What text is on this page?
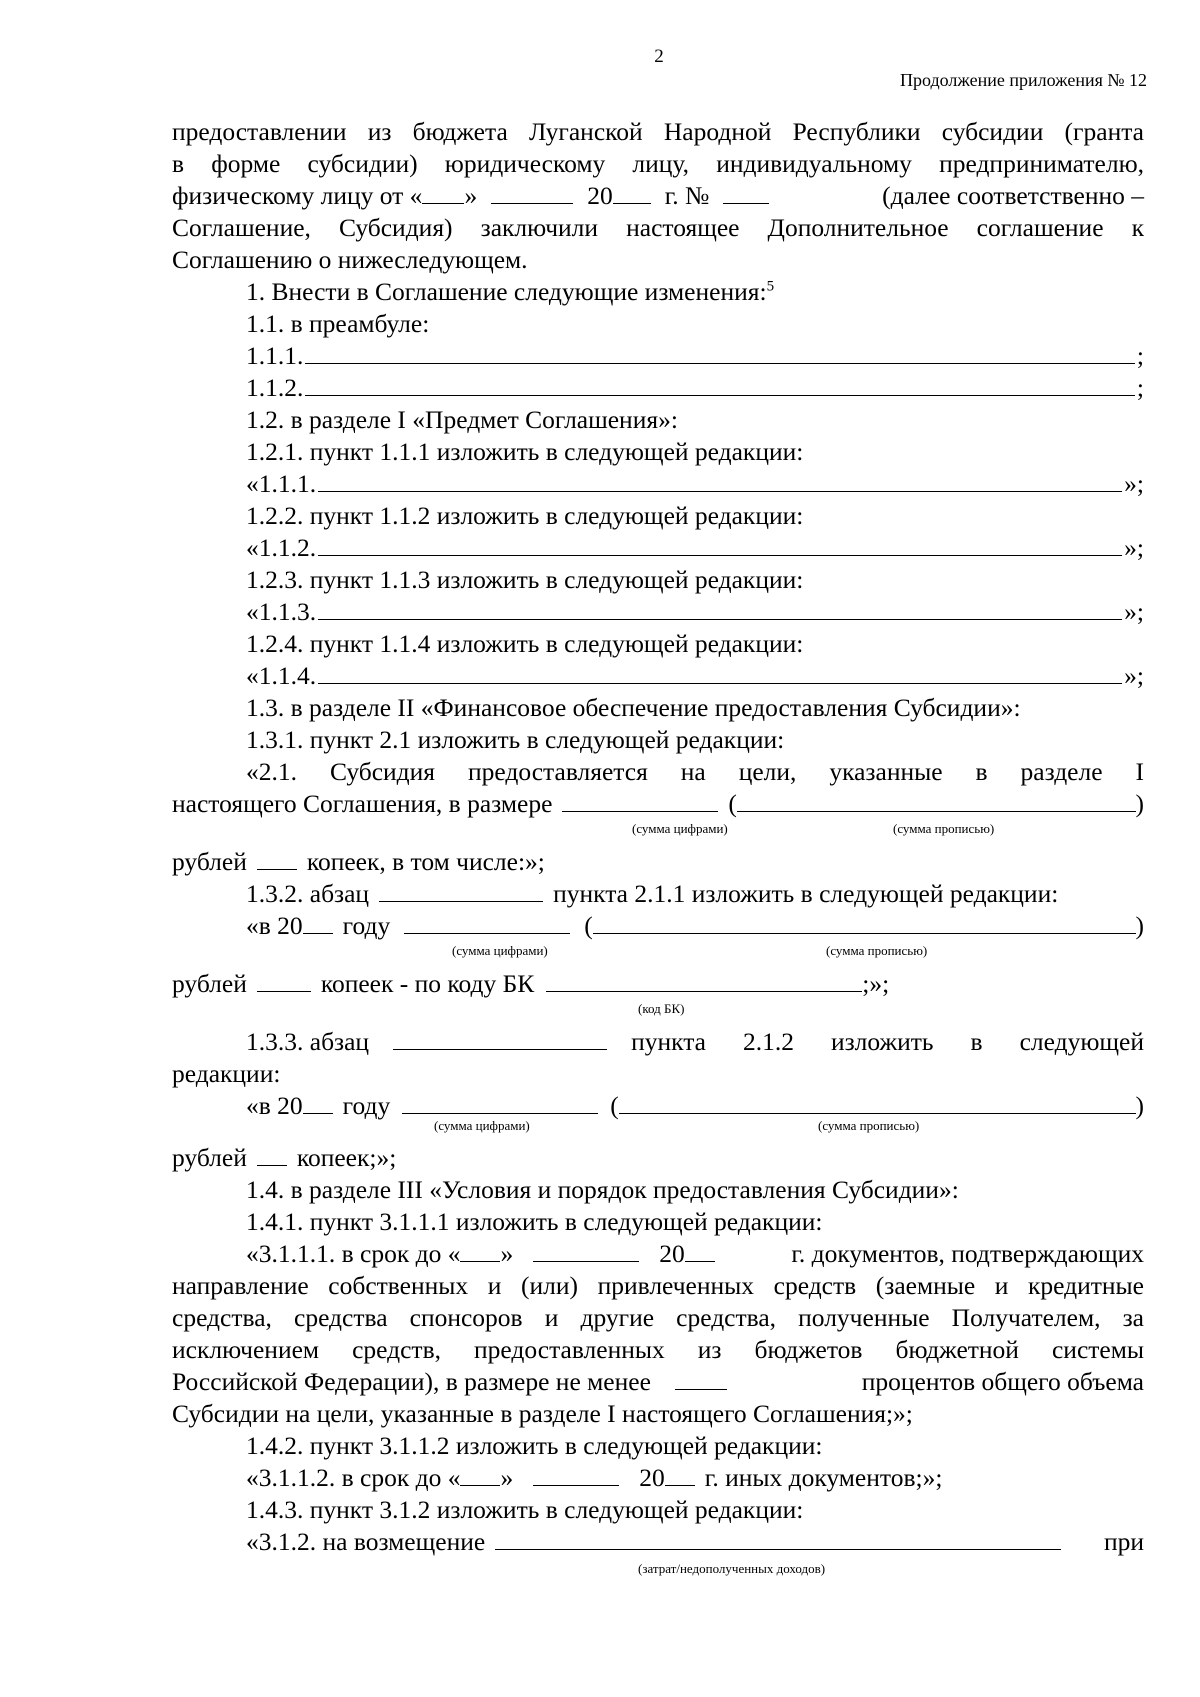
2
Продолжение приложения № 12
предоставлении из бюджета Луганской Народной Республики субсидии (гранта
в форме субсидии) юридическому лицу, индивидуальному предпринимателю,
физическому лицу от « »	20 г. №	(далее соответственно –
Соглашение, Субсидия) заключили настоящее Дополнительное соглашение к
Соглашению о нижеследующем.
1. Внести в Соглашение следующие изменения:$^5$
1.1. в преамбуле:
1.1.1.	;
1.1.2.	;
1.2. в разделе I «Предмет Соглашения»:
1.2.1. пункт 1.1.1 изложить в следующей редакции:
«1.1.1.	»;
1.2.2. пункт 1.1.2 изложить в следующей редакции:
«1.1.2.	»;
1.2.3. пункт 1.1.3 изложить в следующей редакции:
«1.1.3.	»;
1.2.4. пункт 1.1.4 изложить в следующей редакции:
«1.1.4.	»;
1.3. в разделе II «Финансовое обеспечение предоставления Субсидии»:
1.3.1. пункт 2.1 изложить в следующей редакции:
«2.1. Субсидия предоставляется на цели, указанные в разделе I
настоящего Соглашения, в размере	(	)
(сумма цифрами)	(сумма прописью)
рублей копеек, в том числе:»;
1.3.2. абзац	пункта 2.1.1 изложить в следующей редакции:
«в 20 году	(	)
(сумма цифрами)	(сумма прописью)
рублей	копеек - по коду БК	;»;
(код БК)
1.3.3. абзац	пункта 2.1.2 изложить в следующей
редакции:
«в 20 году	(	)
(сумма цифрами)	(сумма прописью)
рублей копеек;»;
1.4. в разделе III «Условия и порядок предоставления Субсидии»:
1.4.1. пункт 3.1.1.1 изложить в следующей редакции:
«3.1.1.1. в срок до « »	20	г. документов, подтверждающих
направление собственных и (или) привлеченных средств (заемные и кредитные
средства, средства спонсоров и другие средства, полученные Получателем, за
исключением средств, предоставленных из бюджетов бюджетной системы
Российской Федерации), в размере не менее	процентов общего объема
Субсидии на цели, указанные в разделе I настоящего Соглашения;»;
1.4.2. пункт 3.1.1.2 изложить в следующей редакции:
«3.1.1.2. в срок до « »	20 г. иных документов;»;
1.4.3. пункт 3.1.2 изложить в следующей редакции:
«3.1.2. на возмещение	при
(затрат/недополученных доходов)
